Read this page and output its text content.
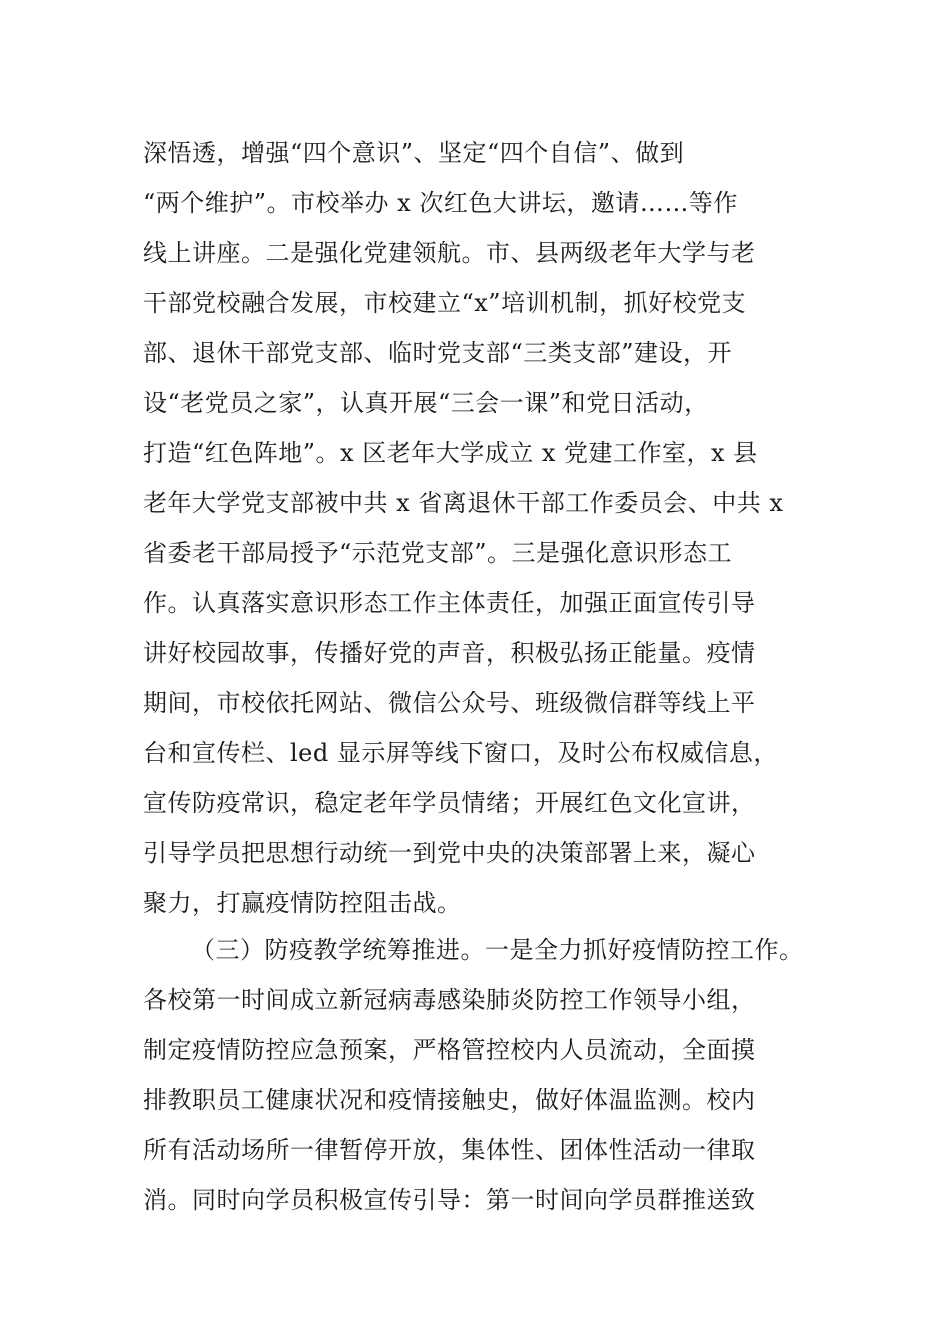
深悟透，增强“四个意识”、坚定“四个自信”、做到
“两个维护”。市校举办 x 次红色大讲坛，邀请……等作
线上讲座。二是强化党建领航。市、县两级老年大学与老
干部党校融合发展，市校建立“x”培训机制，抓好校党支
部、退休干部党支部、临时党支部“三类支部”建设，开
设“老党员之家”，认真开展“三会一课”和党日活动，
打造“红色阵地”。x 区老年大学成立 x 党建工作室，x 县
老年大学党支部被中共 x 省离退休干部工作委员会、中共 x
省委老干部局授予“示范党支部”。三是强化意识形态工
作。认真落实意识形态工作主体责任，加强正面宣传引导
讲好校园故事，传播好党的声音，积极弘扬正能量。疫情
期间，市校依托网站、微信公众号、班级微信群等线上平
台和宣传栏、led 显示屏等线下窗口，及时公布权威信息，
宣传防疫常识，稳定老年学员情绪；开展红色文化宣讲，
引导学员把思想行动统一到党中央的决策部署上来，凝心
聚力，打赢疫情防控阻击战。
（三）防疫教学统筹推进。一是全力抓好疫情防控工作。
各校第一时间成立新冠病毒感染肺炎防控工作领导小组，
制定疫情防控应急预案，严格管控校内人员流动，全面摸
排教职员工健康状况和疫情接触史，做好体温监测。校内
所有活动场所一律暂停开放，集体性、团体性活动一律取
消。同时向学员积极宣传引导：第一时间向学员群推送致
